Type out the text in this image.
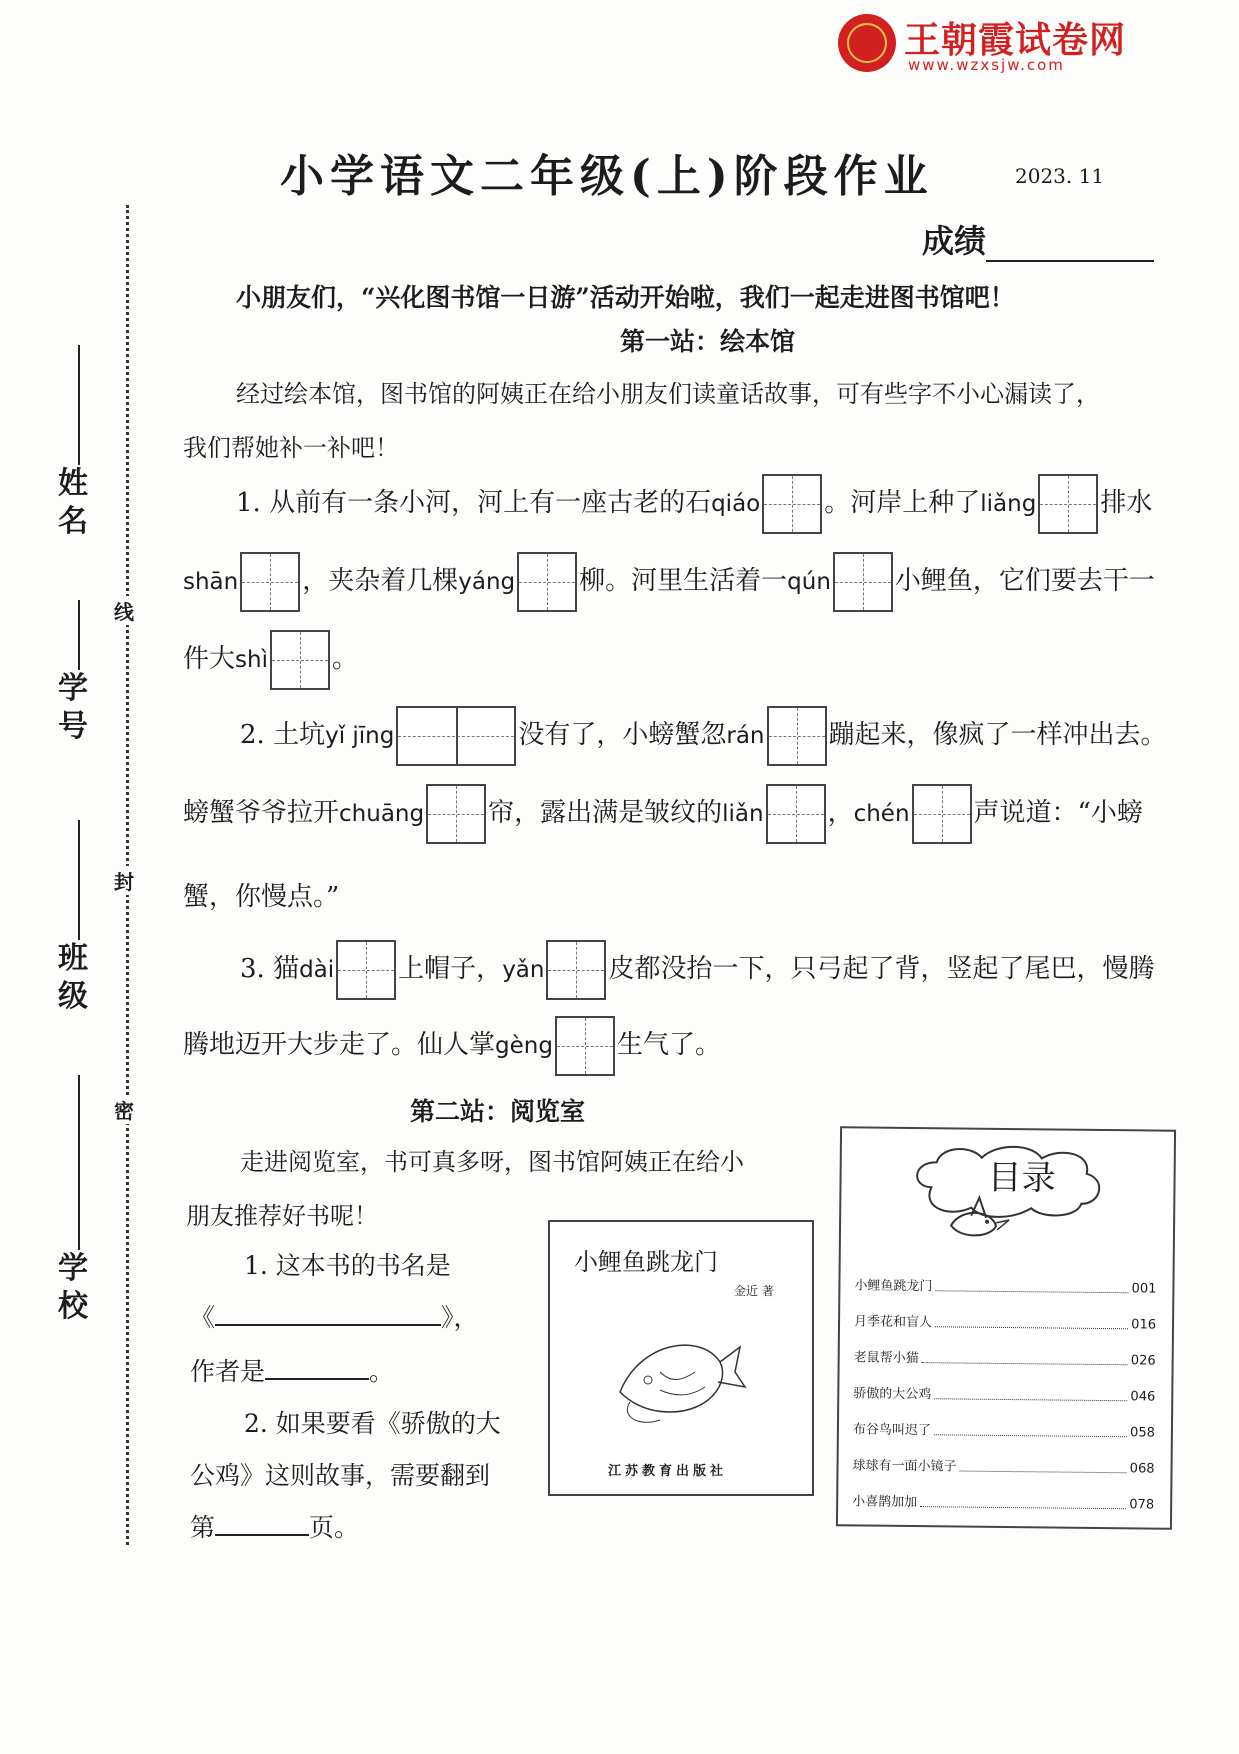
王朝霞试卷网
www.wzxsjw.com
小学语文二年级(上)阶段作业	2023. 11
成绩
姓名
学号
班级
学校
线
封
密
小朋友们，“兴化图书馆一日游”活动开始啦，我们一起走进图书馆吧！
第一站：绘本馆
经过绘本馆，图书馆的阿姨正在给小朋友们读童话故事，可有些字不小心漏读了，
我们帮她补一补吧！
1. 从前有一条小河，河上有一座古老的石qiáo 。河岸上种了liǎng 排水
shān ，夹杂着几棵yáng 柳。河里生活着一qún 小鲤鱼，它们要去干一
件大shì 。
2. 土坑yǐ jīng	没有了，小螃蟹忽rán 蹦起来，像疯了一样冲出去。
螃蟹爷爷拉开chuāng 帘，露出满是皱纹的liǎn ，chén 声说道：“小螃
蟹，你慢点。”
3. 猫dài 上帽子，yǎn 皮都没抬一下，只弓起了背，竖起了尾巴，慢腾
腾地迈开大步走了。仙人掌gèng 生气了。
第二站：阅览室
走进阅览室，书可真多呀，图书馆阿姨正在给小
朋友推荐好书呢！
1. 这本书的书名是
《	》，
作者是	。
2. 如果要看《骄傲的大
公鸡》这则故事，需要翻到
第	页。
小鲤鱼跳龙门
金近 著
江苏教育出版社
目录
小鲤鱼跳龙门	001
月季花和盲人	016
老鼠帮小猫	026
骄傲的大公鸡	046
布谷鸟叫迟了	058
球球有一面小镜子	068
小喜鹊加加	078
